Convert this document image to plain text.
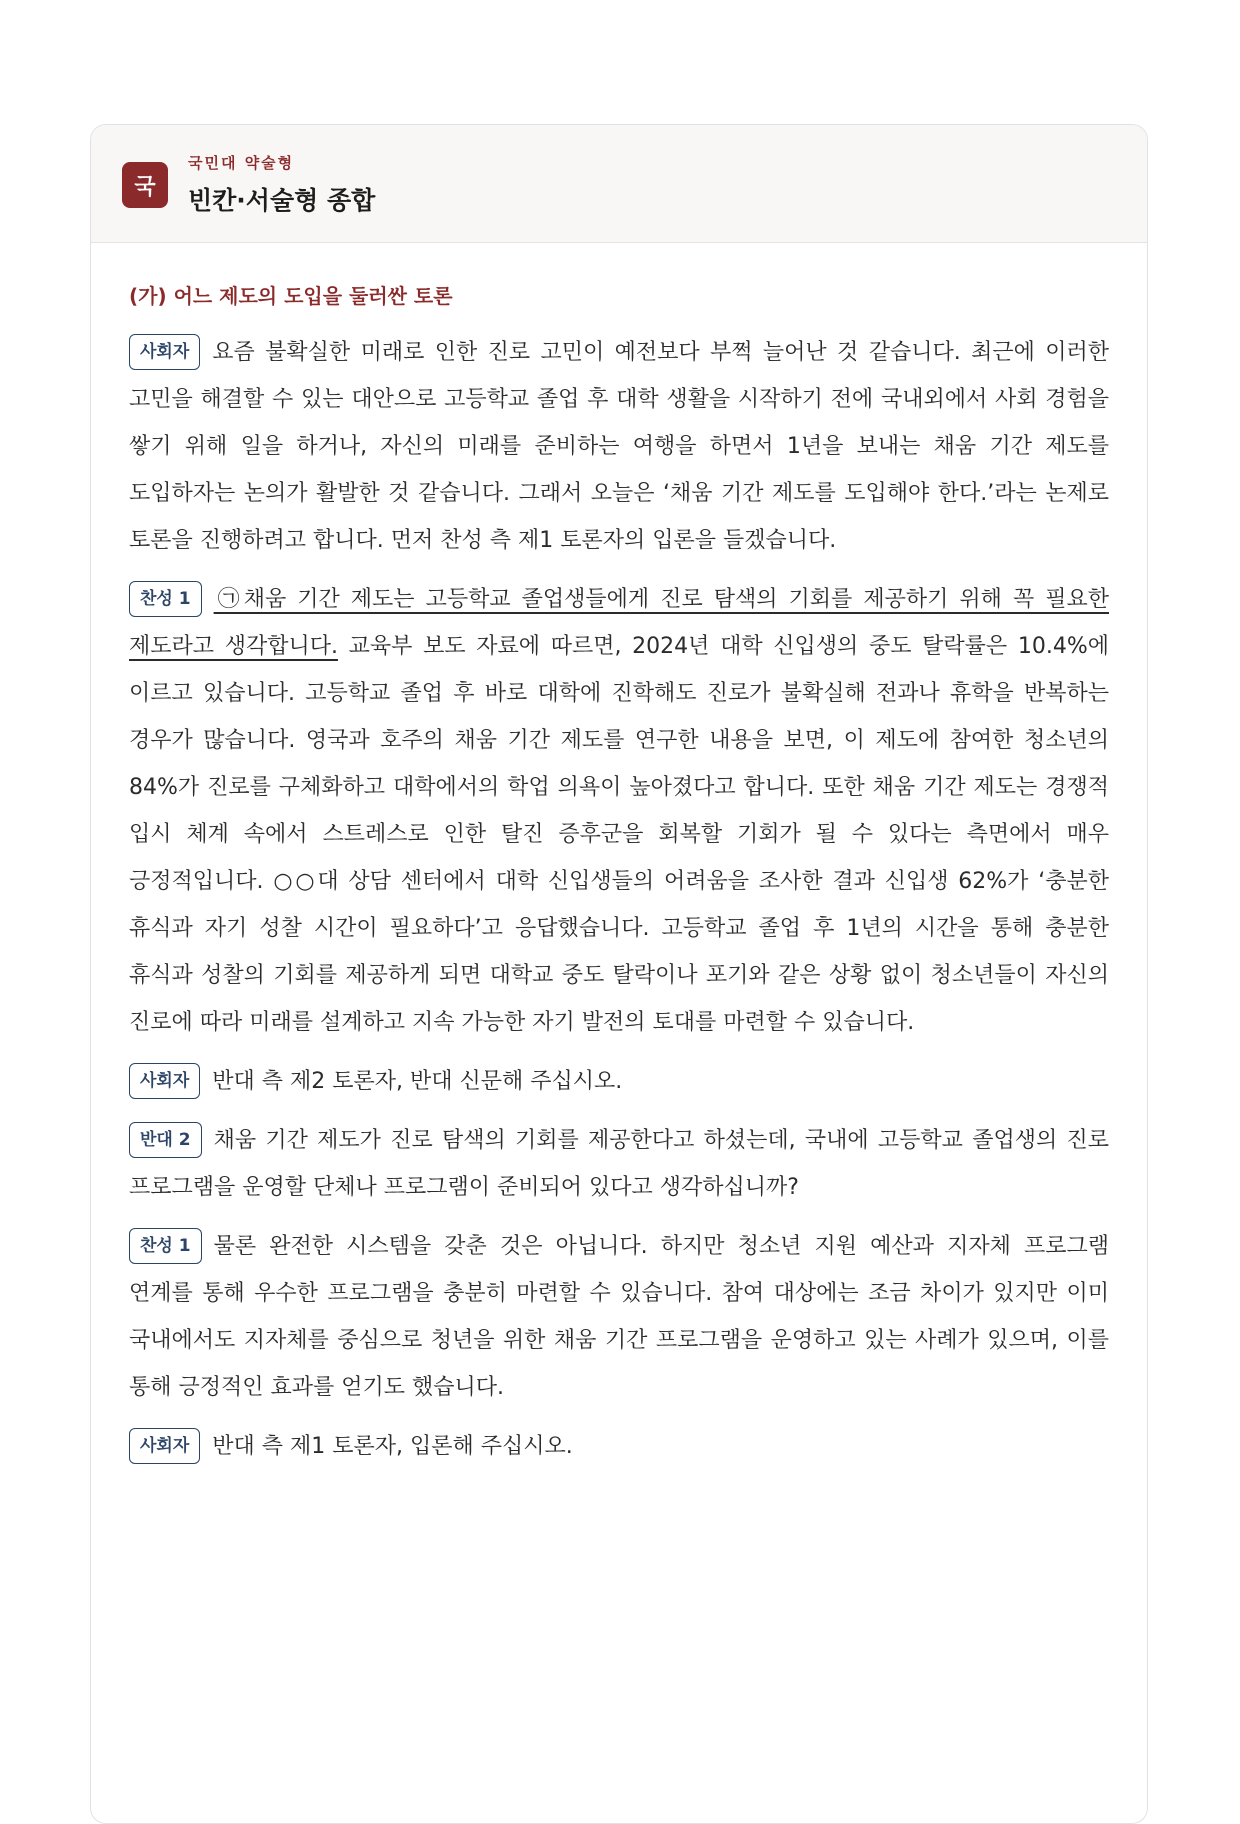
국
국민대 약술형
빈칸·서술형 종합
(가) 어느 제도의 도입을 둘러싼 토론

사회자 요즘 불확실한 미래로 인한 진로 고민이 예전보다 부쩍 늘어난 것 같습니다. 최근에 이러한 고민을 해결할 수 있는 대안으로 고등학교 졸업 후 대학 생활을 시작하기 전에 국내외에서 사회 경험을 쌓기 위해 일을 하거나, 자신의 미래를 준비하는 여행을 하면서 1년을 보내는 채움 기간 제도를 도입하자는 논의가 활발한 것 같습니다. 그래서 오늘은 ‘채움 기간 제도를 도입해야 한다.’라는 논제로 토론을 진행하려고 합니다. 먼저 찬성 측 제1 토론자의 입론을 들겠습니다.

찬성 1 ㉠채움 기간 제도는 고등학교 졸업생들에게 진로 탐색의 기회를 제공하기 위해 꼭 필요한 제도라고 생각합니다. 교육부 보도 자료에 따르면, 2024년 대학 신입생의 중도 탈락률은 10.4%에 이르고 있습니다. 고등학교 졸업 후 바로 대학에 진학해도 진로가 불확실해 전과나 휴학을 반복하는 경우가 많습니다. 영국과 호주의 채움 기간 제도를 연구한 내용을 보면, 이 제도에 참여한 청소년의 84%가 진로를 구체화하고 대학에서의 학업 의욕이 높아졌다고 합니다. 또한 채움 기간 제도는 경쟁적 입시 체계 속에서 스트레스로 인한 탈진 증후군을 회복할 기회가 될 수 있다는 측면에서 매우 긍정적입니다. ○○대 상담 센터에서 대학 신입생들의 어려움을 조사한 결과 신입생 62%가 ‘충분한 휴식과 자기 성찰 시간이 필요하다’고 응답했습니다. 고등학교 졸업 후 1년의 시간을 통해 충분한 휴식과 성찰의 기회를 제공하게 되면 대학교 중도 탈락이나 포기와 같은 상황 없이 청소년들이 자신의 진로에 따라 미래를 설계하고 지속 가능한 자기 발전의 토대를 마련할 수 있습니다.

사회자 반대 측 제2 토론자, 반대 신문해 주십시오.

반대 2 채움 기간 제도가 진로 탐색의 기회를 제공한다고 하셨는데, 국내에 고등학교 졸업생의 진로 프로그램을 운영할 단체나 프로그램이 준비되어 있다고 생각하십니까?

찬성 1 물론 완전한 시스템을 갖춘 것은 아닙니다. 하지만 청소년 지원 예산과 지자체 프로그램 연계를 통해 우수한 프로그램을 충분히 마련할 수 있습니다. 참여 대상에는 조금 차이가 있지만 이미 국내에서도 지자체를 중심으로 청년을 위한 채움 기간 프로그램을 운영하고 있는 사례가 있으며, 이를 통해 긍정적인 효과를 얻기도 했습니다.

사회자 반대 측 제1 토론자, 입론해 주십시오.
